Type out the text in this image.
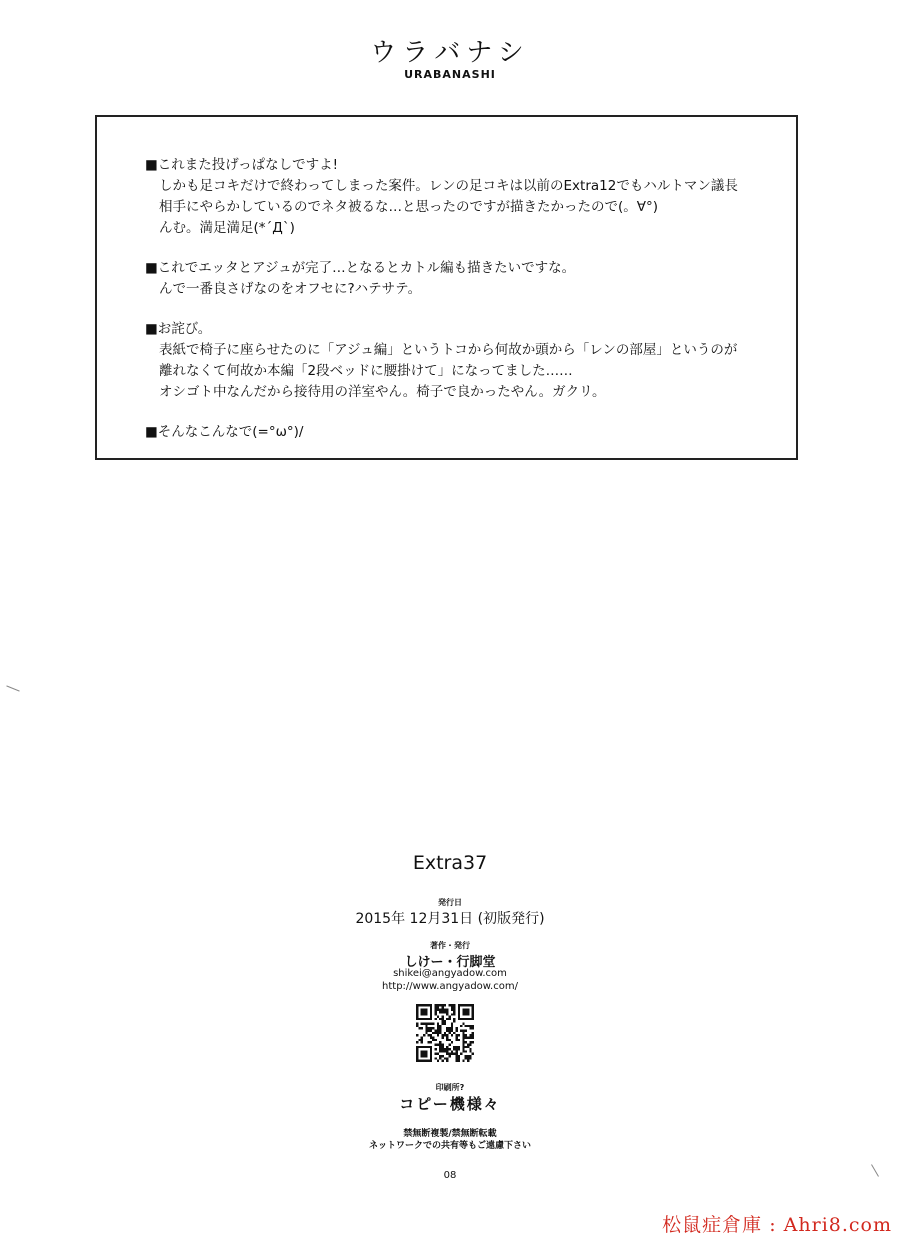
ウラバナシ
URABANASHI
■これまた投げっぱなしですよ!
しかも足コキだけで終わってしまった案件。レンの足コキは以前のExtra12でもハルトマン議長
相手にやらかしているのでネタ被るな…と思ったのですが描きたかったので(。∀°)
んむ。満足満足(*´Д`)
■これでエッタとアジュが完了…となるとカトル編も描きたいですな。
んで一番良さげなのをオフセに?ハテサテ。
■お詫び。
表紙で椅子に座らせたのに「アジュ編」というトコから何故か頭から「レンの部屋」というのが
離れなくて何故か本編「2段ベッドに腰掛けて」になってました……
オシゴト中なんだから接待用の洋室やん。椅子で良かったやん。ガクリ。
■そんなこんなで(=°ω°)/
Extra37
発行日
2015年 12月31日 (初版発行)
著作・発行
しけー・行脚堂
shikei@angyadow.com
http://www.angyadow.com/
印刷所?
コピー機様々
禁無断複製/禁無断転載
ネットワークでの共有等もご遠慮下さい
08
松鼠症倉庫 : Ahri8.com
